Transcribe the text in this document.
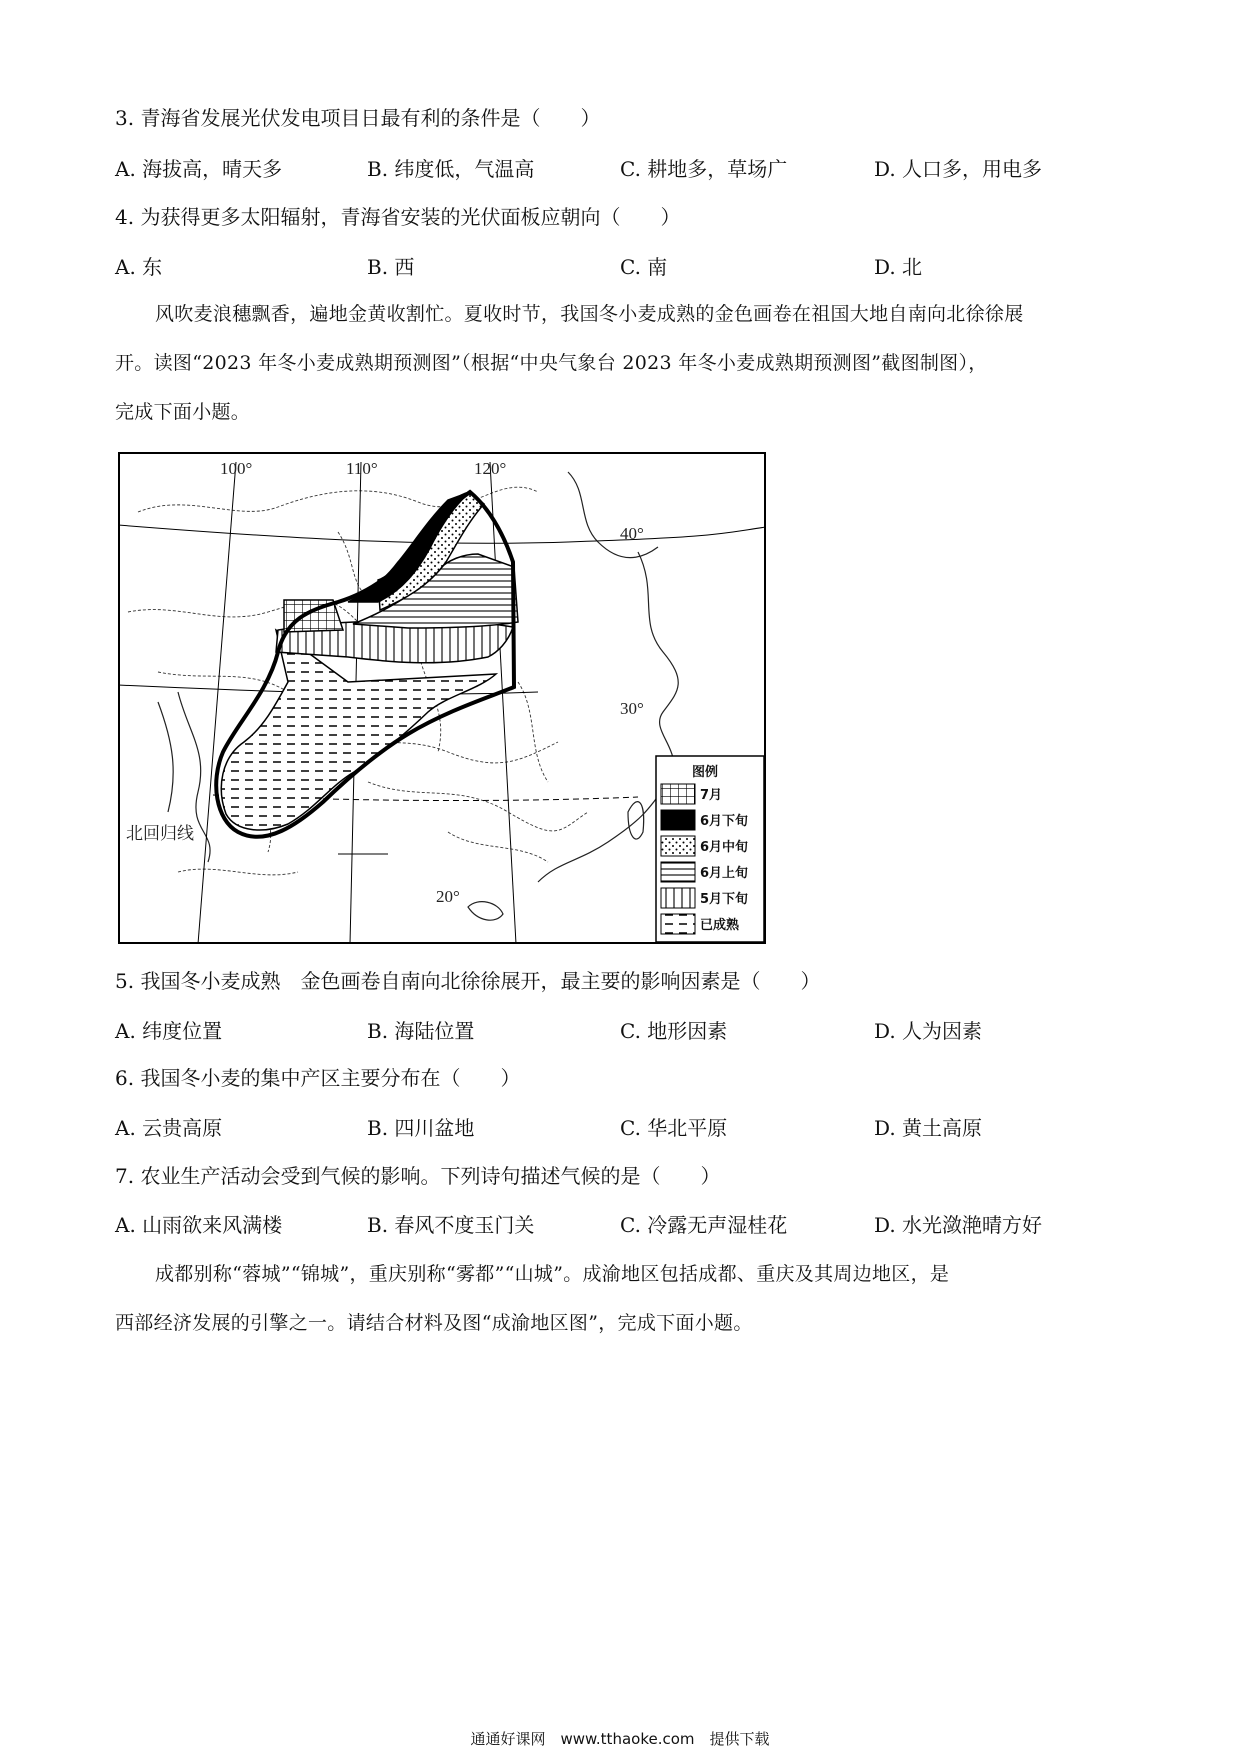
3. 青海省发展光伏发电项目日最有利的条件是（　　）
A. 海拔高，晴天多	B. 纬度低，气温高	C. 耕地多，草场广	D. 人口多，用电多
4. 为获得更多太阳辐射，青海省安装的光伏面板应朝向（　　）
A. 东	B. 西	C. 南	D. 北
风吹麦浪穗飘香，遍地金黄收割忙。夏收时节，我国冬小麦成熟的金色画卷在祖国大地自南向北徐徐展
开。读图“2023 年冬小麦成熟期预测图”（根据“中央气象台 2023 年冬小麦成熟期预测图”截图制图），
完成下面小题。
100°	110°	120°
40°
30°
20°
北回归线
图例
7月
6月下旬
6月中旬
6月上旬
5月下旬
已成熟
5. 我国冬小麦成熟　金色画卷自南向北徐徐展开，最主要的影响因素是（　　）
A. 纬度位置	B. 海陆位置	C. 地形因素	D. 人为因素
6. 我国冬小麦的集中产区主要分布在（　　）
A. 云贵高原	B. 四川盆地	C. 华北平原	D. 黄土高原
7. 农业生产活动会受到气候的影响。下列诗句描述气候的是（　　）
A. 山雨欲来风满楼	B. 春风不度玉门关	C. 冷露无声湿桂花	D. 水光潋滟晴方好
成都别称“蓉城”“锦城”，重庆别称“雾都”“山城”。成渝地区包括成都、重庆及其周边地区，是
西部经济发展的引擎之一。请结合材料及图“成渝地区图”，完成下面小题。
通通好课网　www.tthaoke.com　提供下载
